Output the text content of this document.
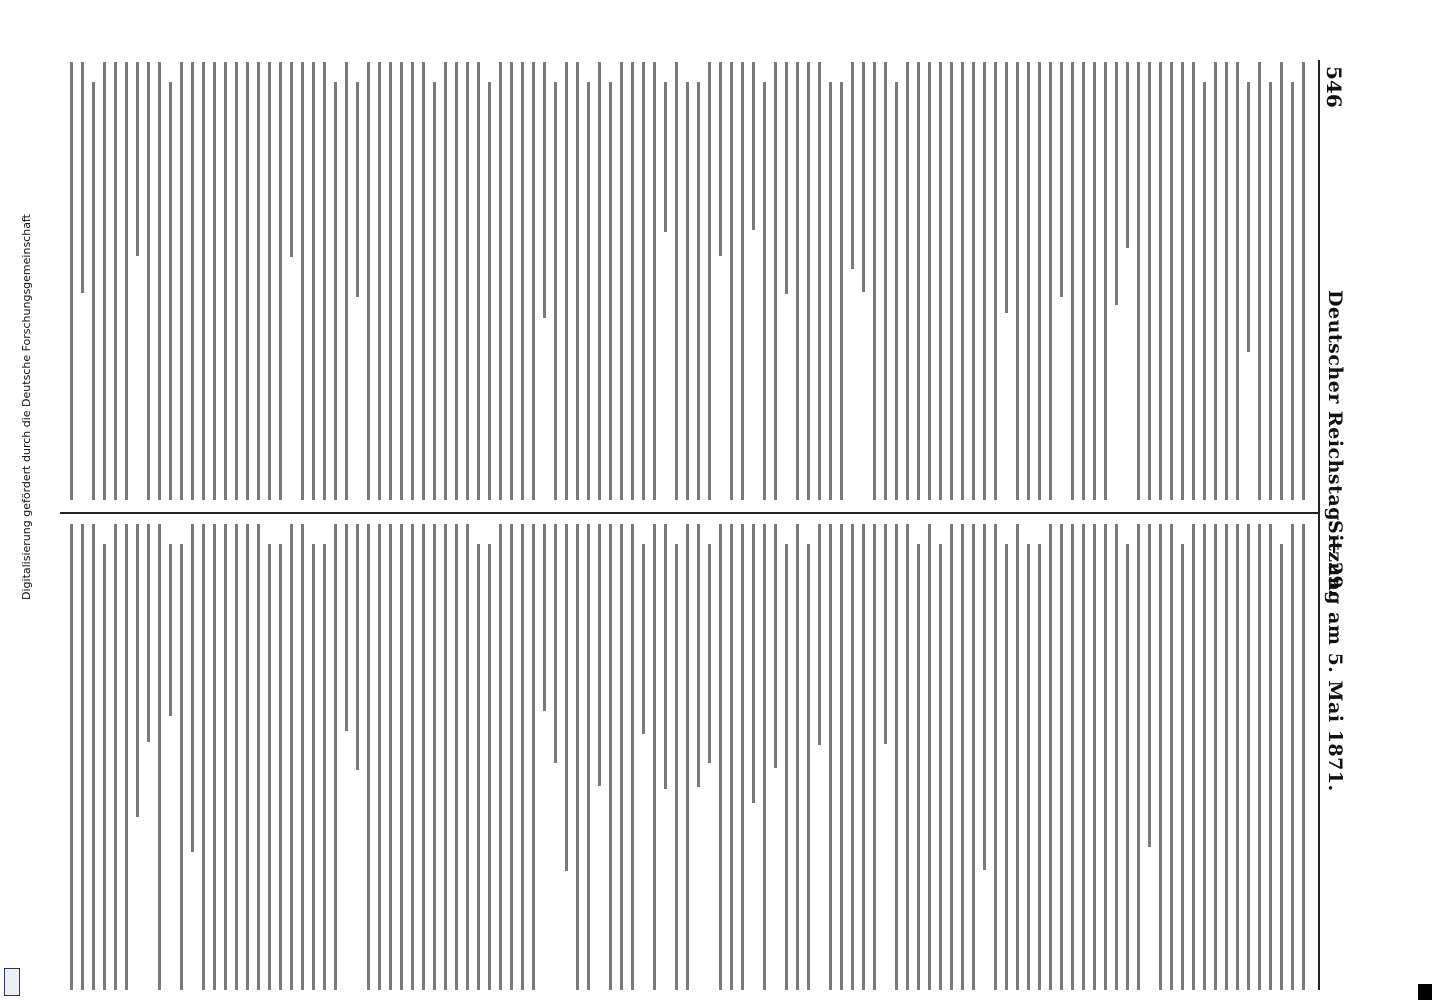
546
Deutscher Reichstag. — 29.
Sitzung am 5. Mai 1871.
Digitalisierung gefördert durch die Deutsche Forschungsgemeinschaft
